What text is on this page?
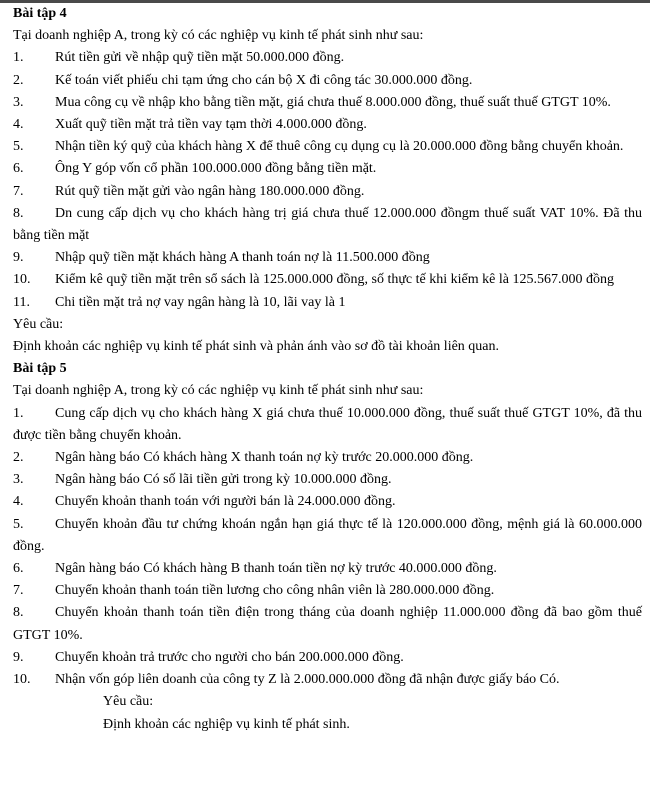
Bài tập 4
Tại doanh nghiệp A, trong kỳ có các nghiệp vụ kinh tế phát sinh như sau:
1. Rút tiền gửi về nhập quỹ tiền mặt 50.000.000 đồng.
2. Kế toán viết phiếu chi tạm ứng cho cán bộ X đi công tác 30.000.000 đồng.
3. Mua công cụ về nhập kho bằng tiền mặt, giá chưa thuế 8.000.000 đồng, thuế suất thuế GTGT 10%.
4. Xuất quỹ tiền mặt trả tiền vay tạm thời 4.000.000 đồng.
5. Nhận tiền ký quỹ của khách hàng X để thuê công cụ dụng cụ là 20.000.000 đồng bằng chuyển khoản.
6. Ông Y góp vốn cổ phần 100.000.000 đồng bằng tiền mặt.
7. Rút quỹ tiền mặt gửi vào ngân hàng 180.000.000 đồng.
8. Dn cung cấp dịch vụ cho khách hàng trị giá chưa thuế 12.000.000 đồngm thuế suất VAT 10%. Đã thu bằng tiền mặt
9. Nhập quỹ tiền mặt khách hàng A thanh toán nợ là 11.500.000 đồng
10. Kiểm kê quỹ tiền mặt trên sổ sách là 125.000.000 đồng, số thực tế khi kiểm kê là 125.567.000 đồng
11. Chi tiền mặt trả nợ vay ngân hàng là 10, lãi vay là 1
Yêu cầu:
Định khoản các nghiệp vụ kinh tế phát sinh và phản ánh vào sơ đồ tài khoản liên quan.
Bài tập 5
Tại doanh nghiệp A, trong kỳ có các nghiệp vụ kinh tế phát sinh như sau:
1. Cung cấp dịch vụ cho khách hàng X giá chưa thuế 10.000.000 đồng, thuế suất thuế GTGT 10%, đã thu được tiền bằng chuyển khoản.
2. Ngân hàng báo Có khách hàng X thanh toán nợ kỳ trước 20.000.000 đồng.
3. Ngân hàng báo Có số lãi tiền gửi trong kỳ 10.000.000 đồng.
4. Chuyển khoản thanh toán với người bán là 24.000.000 đồng.
5. Chuyển khoản đầu tư chứng khoán ngắn hạn giá thực tế là 120.000.000 đồng, mệnh giá là 60.000.000 đồng.
6. Ngân hàng báo Có khách hàng B thanh toán tiền nợ kỳ trước 40.000.000 đồng.
7. Chuyển khoản thanh toán tiền lương cho công nhân viên là 280.000.000 đồng.
8. Chuyển khoản thanh toán tiền điện trong tháng của doanh nghiệp 11.000.000 đồng đã bao gồm thuế GTGT 10%.
9. Chuyển khoản trả trước cho người cho bán 200.000.000 đồng.
10. Nhận vốn góp liên doanh của công ty Z là 2.000.000.000 đồng đã nhận được giấy báo Có.
Yêu cầu:
Định khoản các nghiệp vụ kinh tế phát sinh.
